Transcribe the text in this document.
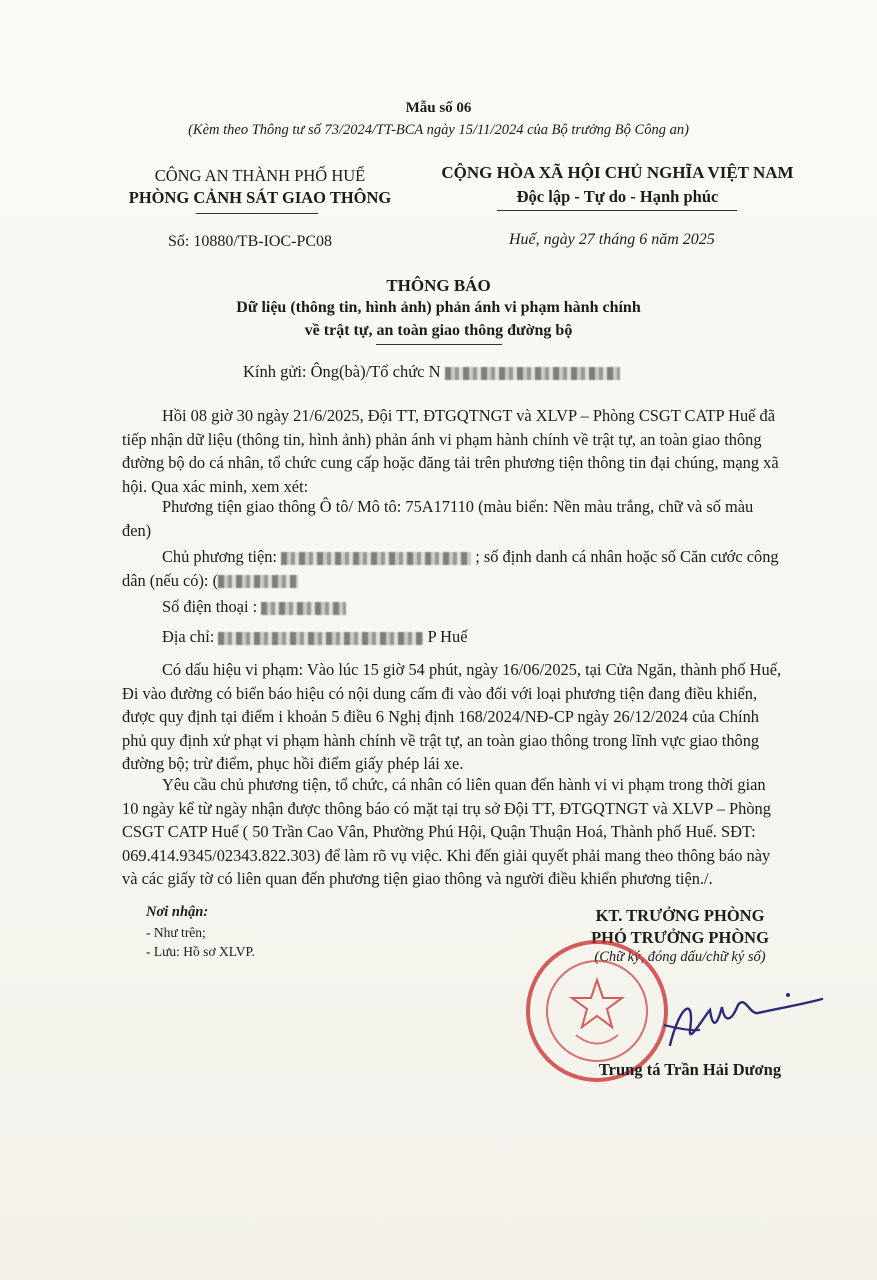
Mẫu số 06
(Kèm theo Thông tư số 73/2024/TT-BCA ngày 15/11/2024 của Bộ trưởng Bộ Công an)
CÔNG AN THÀNH PHỐ HUẾ
PHÒNG CẢNH SÁT GIAO THÔNG
CỘNG HÒA XÃ HỘI CHỦ NGHĨA VIỆT NAM
Độc lập - Tự do - Hạnh phúc
Số: 10880/TB-IOC-PC08	Huế, ngày 27 tháng 6 năm 2025
THÔNG BÁO
Dữ liệu (thông tin, hình ảnh) phản ánh vi phạm hành chính
về trật tự, an toàn giao thông đường bộ
Kính gửi: Ông(bà)/Tổ chức N
Hồi 08 giờ 30 ngày 21/6/2025, Đội TT, ĐTGQTNGT và XLVP – Phòng CSGT CATP Huế đã tiếp nhận dữ liệu (thông tin, hình ảnh) phản ánh vi phạm hành chính về trật tự, an toàn giao thông đường bộ do cá nhân, tổ chức cung cấp hoặc đăng tải trên phương tiện thông tin đại chúng, mạng xã hội. Qua xác minh, xem xét:
Phương tiện giao thông Ô tô/ Mô tô: 75A17110 (màu biển: Nền màu trắng, chữ và số màu đen)
Chủ phương tiện:	; số định danh cá nhân hoặc số Căn cước công dân (nếu có): (
Số điện thoại :
Địa chỉ:	P Huế
Có dấu hiệu vi phạm: Vào lúc 15 giờ 54 phút, ngày 16/06/2025, tại Cửa Ngăn, thành phố Huế, Đi vào đường có biển báo hiệu có nội dung cấm đi vào đối với loại phương tiện đang điều khiển, được quy định tại điểm i khoản 5 điều 6 Nghị định 168/2024/NĐ-CP ngày 26/12/2024 của Chính phủ quy định xử phạt vi phạm hành chính về trật tự, an toàn giao thông trong lĩnh vực giao thông đường bộ; trừ điểm, phục hồi điểm giấy phép lái xe.
Yêu cầu chủ phương tiện, tổ chức, cá nhân có liên quan đến hành vi vi phạm trong thời gian 10 ngày kể từ ngày nhận được thông báo có mặt tại trụ sở Đội TT, ĐTGQTNGT và XLVP – Phòng CSGT CATP Huế ( 50 Trần Cao Vân, Phường Phú Hội, Quận Thuận Hoá, Thành phố Huế. SĐT: 069.414.9345/02343.822.303) để làm rõ vụ việc. Khi đến giải quyết phải mang theo thông báo này và các giấy tờ có liên quan đến phương tiện giao thông và người điều khiển phương tiện./.
Nơi nhận:
- Như trên;
- Lưu: Hồ sơ XLVP.
KT. TRƯỞNG PHÒNG
PHÓ TRƯỞNG PHÒNG
(Chữ ký, đóng dấu/chữ ký số)
Trung tá Trần Hải Dương
